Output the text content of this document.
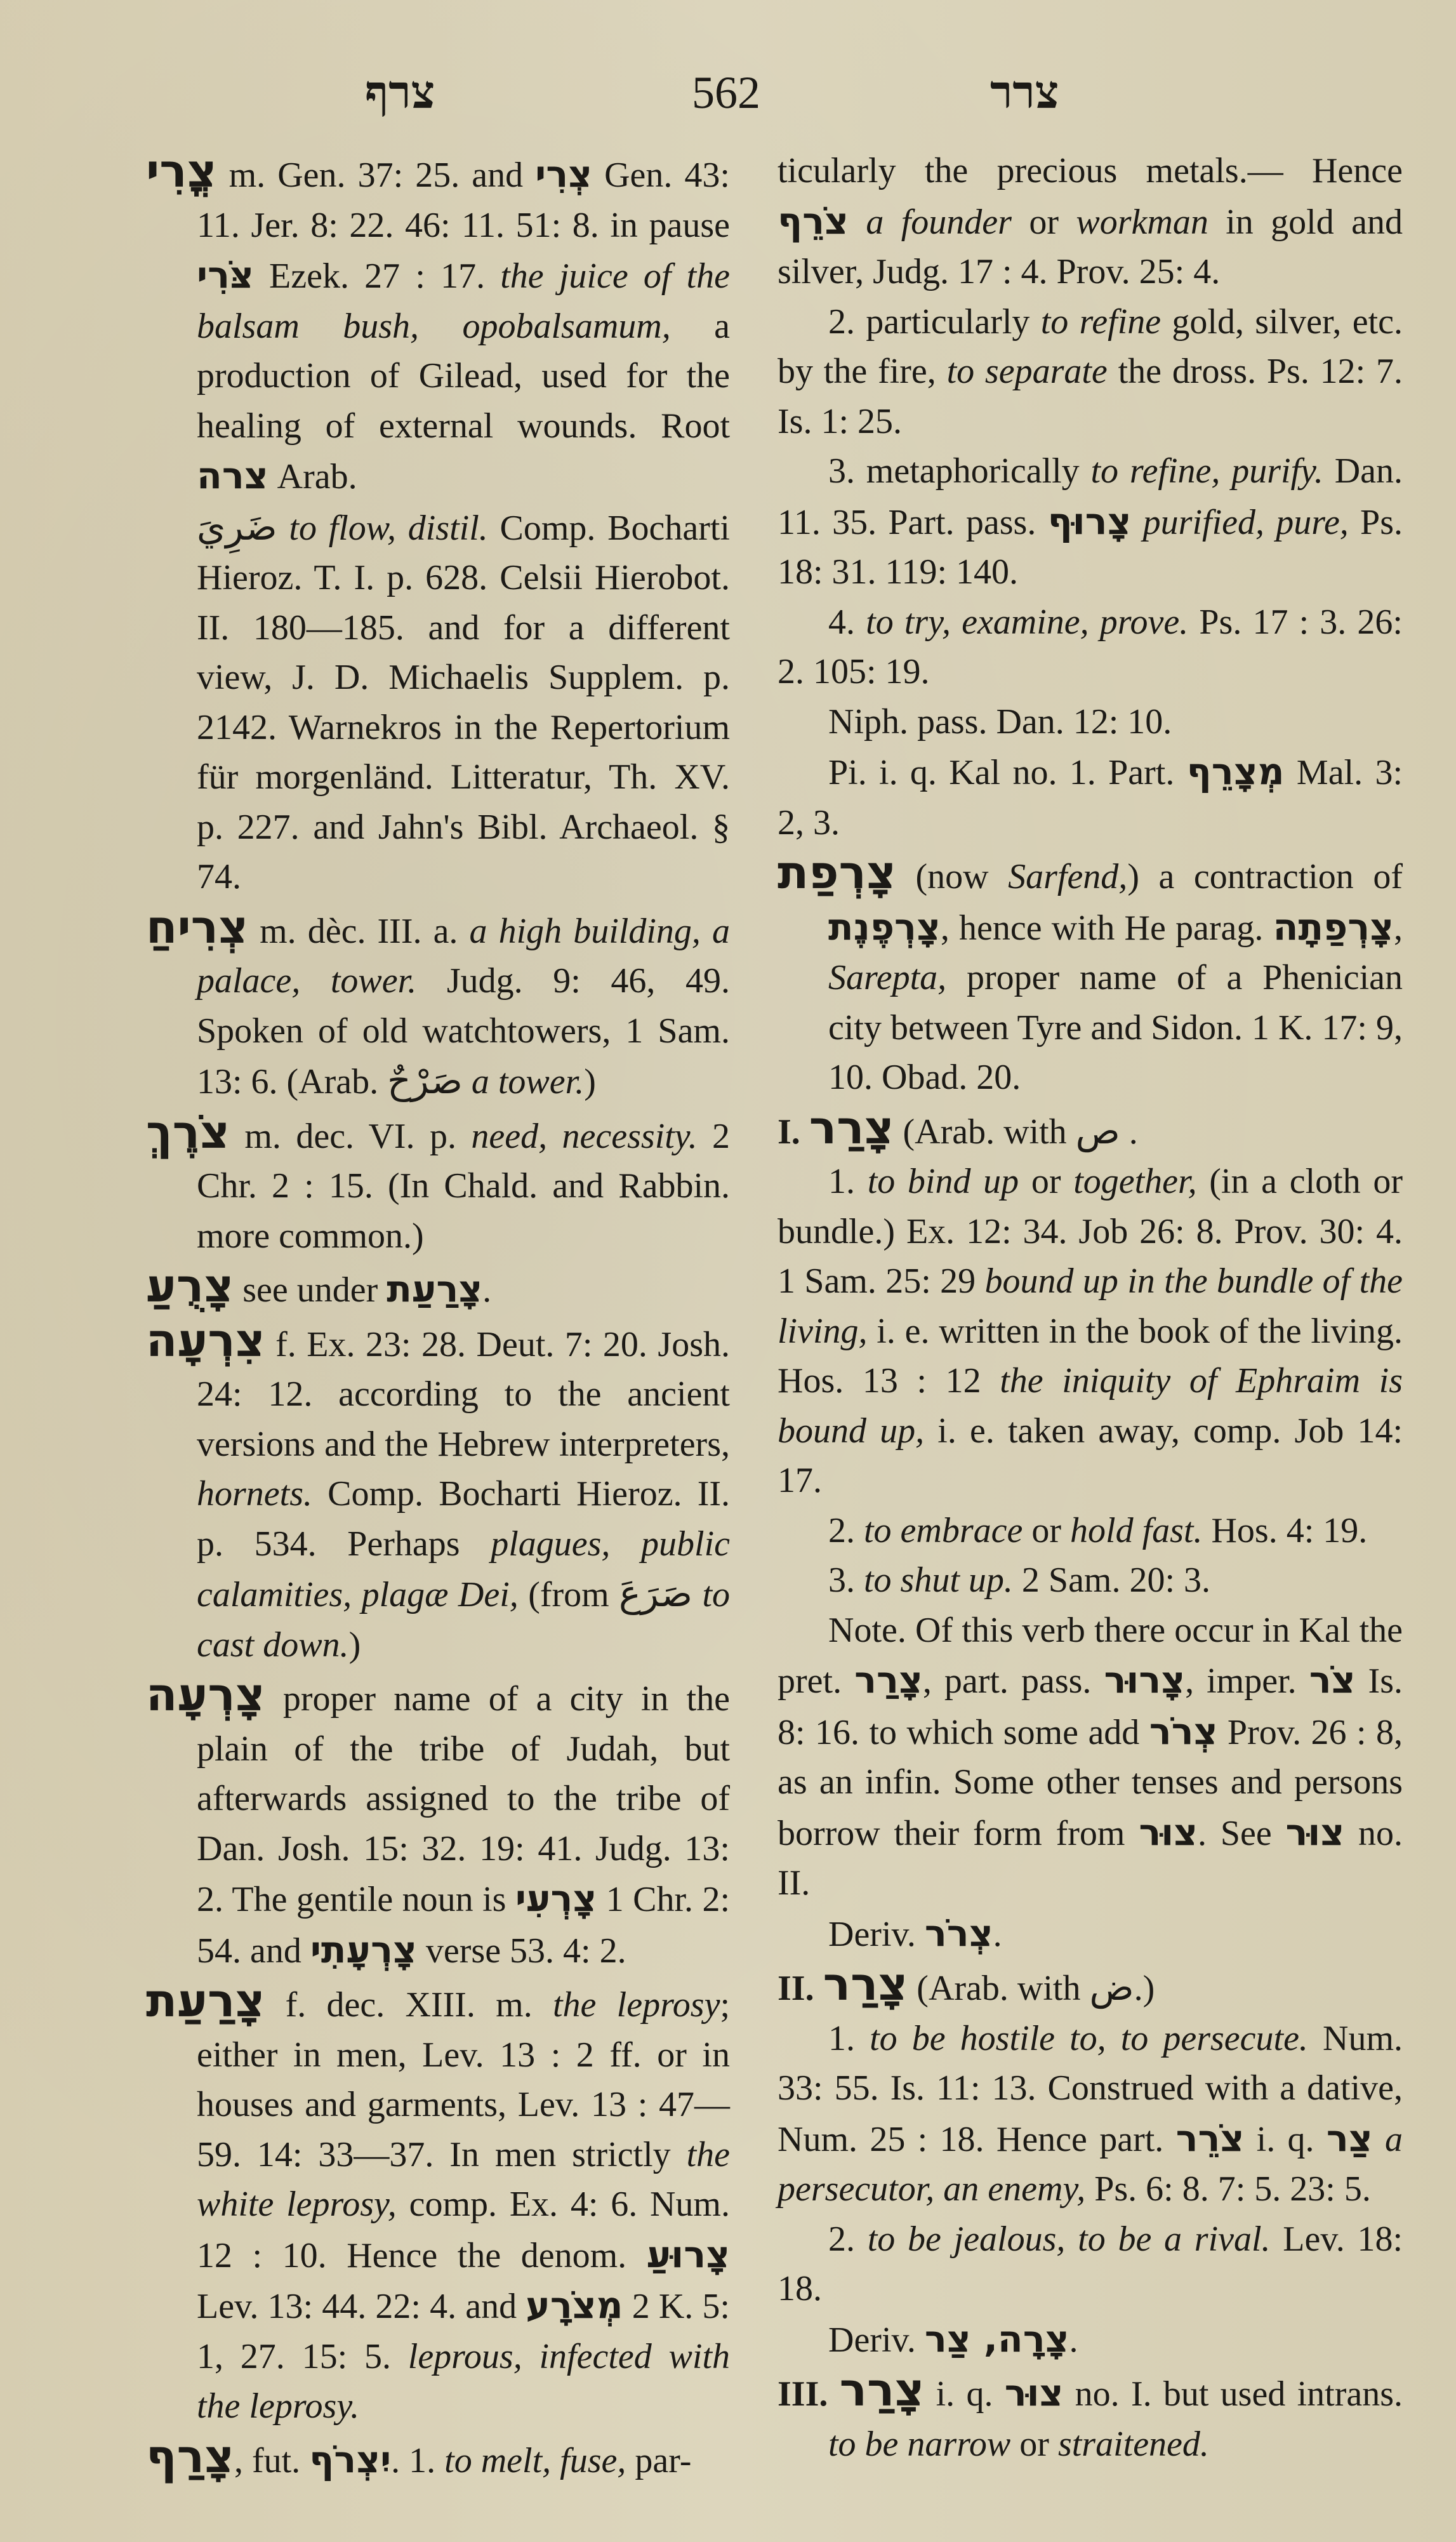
צרף	562	צרר

צֳרִי m. Gen. 37: 25. and צְרִי Gen. 43: 11. Jer. 8: 22. 46: 11. 51: 8. in pause צֹּרִי Ezek. 27 : 17. the juice of the balsam bush, opobalsamum, a production of Gilead, used for the healing of external wounds. Root צרה Arab.
ضَرِيَ to flow, distil. Comp. Bocharti Hieroz. T. I. p. 628. Celsii Hierobot. II. 180—185. and for a different view, J. D. Michaelis Supplem. p. 2142. Warnekros in the Repertorium für morgenländ. Litteratur, Th. XV. p. 227. and Jahn's Bibl. Archaeol. § 74.

צְרִיחַ m. dèc. III. a. a high building, a palace, tower. Judg. 9: 46, 49. Spoken of old watchtowers, 1 Sam. 13: 6. (Arab. صَرْحٌ a tower.)

צֹרֶךְ m. dec. VI. p. need, necessity. 2 Chr. 2 : 15. (In Chald. and Rabbin. more common.)

צָרֻעַ see under צָרַעַת.

צִרְעָה f. Ex. 23: 28. Deut. 7: 20. Josh. 24: 12. according to the ancient versions and the Hebrew interpreters, hornets. Comp. Bocharti Hieroz. II. p. 534. Perhaps plagues, public calamities, plagæ Dei, (from صَرَعَ to cast down.)

צָרְעָה proper name of a city in the plain of the tribe of Judah, but afterwards assigned to the tribe of Dan. Josh. 15: 32. 19: 41. Judg. 13: 2. The gentile noun is צָרְעִי 1 Chr. 2: 54. and צָרְעָתִי verse 53. 4: 2.

צָרַעַת f. dec. XIII. m. the leprosy; either in men, Lev. 13 : 2 ff. or in houses and garments, Lev. 13 : 47—59. 14: 33—37. In men strictly the white leprosy, comp. Ex. 4: 6. Num. 12 : 10. Hence the denom. צָרוּעַ Lev. 13: 44. 22: 4. and מְצֹרָע 2 K. 5: 1, 27. 15: 5. leprous, infected with the leprosy.

צָרַף, fut. יִצְרֹף. 1. to melt, fuse, par-

ticularly the precious metals.— Hence צֹרֵף a founder or workman in gold and silver, Judg. 17 : 4. Prov. 25: 4.

2. particularly to refine gold, silver, etc. by the fire, to separate the dross. Ps. 12: 7. Is. 1: 25.

3. metaphorically to refine, purify. Dan. 11. 35. Part. pass. צָרוּף purified, pure, Ps. 18: 31. 119: 140.

4. to try, examine, prove. Ps. 17 : 3. 26: 2. 105: 19.

Niph. pass. Dan. 12: 10.

Pi. i. q. Kal no. 1. Part. מְצָרֵף Mal. 3: 2, 3.

צָרְפַת (now Sarfend,) a contraction of צָרְפֶנֶת, hence with He parag. צָרְפַתָה, Sarepta, proper name of a Phenician city between Tyre and Sidon. 1 K. 17: 9, 10. Obad. 20.

I. צָרַר (Arab. with ص .

1. to bind up or together, (in a cloth or bundle.) Ex. 12: 34. Job 26: 8. Prov. 30: 4. 1 Sam. 25: 29 bound up in the bundle of the living, i. e. written in the book of the living. Hos. 13 : 12 the iniquity of Ephraim is bound up, i. e. taken away, comp. Job 14: 17.

2. to embrace or hold fast. Hos. 4: 19.

3. to shut up. 2 Sam. 20: 3.

Note. Of this verb there occur in Kal the pret. צָרַר, part. pass. צָרוּר, imper. צֹר Is. 8: 16. to which some add צְרֹר Prov. 26 : 8, as an infin. Some other tenses and persons borrow their form from צוּר. See צוּר no. II.

Deriv. צְרֹר.

II. צָרַר (Arab. with ض.)

1. to be hostile to, to persecute. Num. 33: 55. Is. 11: 13. Construed with a dative, Num. 25 : 18. Hence part. צֹרֵר i. q. צַר a persecutor, an enemy, Ps. 6: 8. 7: 5. 23: 5.

2. to be jealous, to be a rival. Lev. 18: 18.

Deriv. צָרָה, צַר.

III. צָרַר i. q. צוּר no. I. but used intrans. to be narrow or straitened.
